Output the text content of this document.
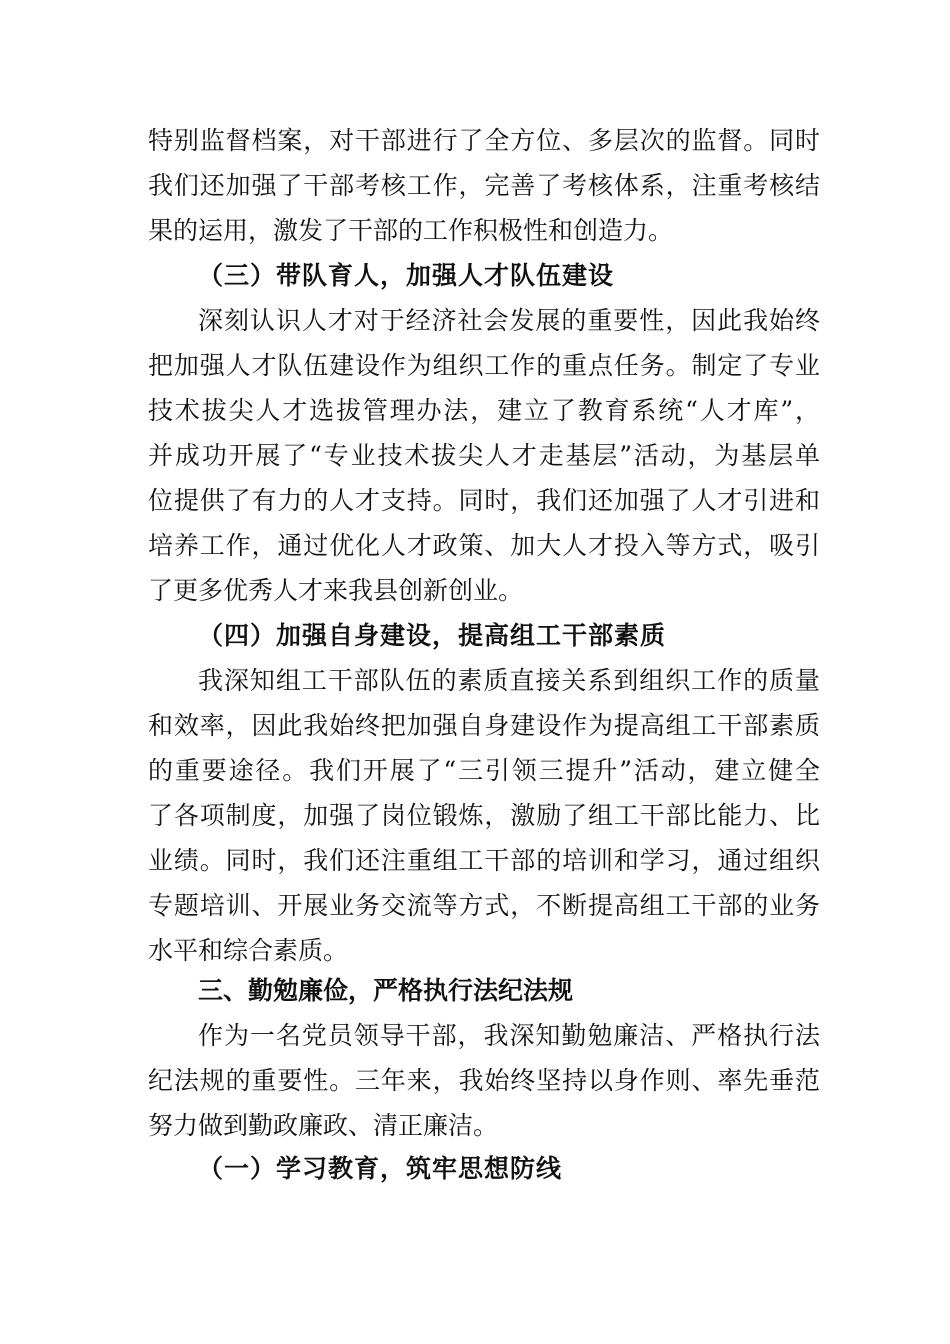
特别监督档案，对干部进行了全方位、多层次的监督。同时

我们还加强了干部考核工作，完善了考核体系，注重考核结

果的运用，激发了干部的工作积极性和创造力。

（三）带队育人，加强人才队伍建设

深刻认识人才对于经济社会发展的重要性，因此我始终

把加强人才队伍建设作为组织工作的重点任务。制定了专业

技术拔尖人才选拔管理办法，建立了教育系统“人才库”，

并成功开展了“专业技术拔尖人才走基层”活动，为基层单

位提供了有力的人才支持。同时，我们还加强了人才引进和

培养工作，通过优化人才政策、加大人才投入等方式，吸引

了更多优秀人才来我县创新创业。

（四）加强自身建设，提高组工干部素质

我深知组工干部队伍的素质直接关系到组织工作的质量

和效率，因此我始终把加强自身建设作为提高组工干部素质

的重要途径。我们开展了“三引领三提升”活动，建立健全

了各项制度，加强了岗位锻炼，激励了组工干部比能力、比

业绩。同时，我们还注重组工干部的培训和学习，通过组织

专题培训、开展业务交流等方式，不断提高组工干部的业务

水平和综合素质。

三、勤勉廉俭，严格执行法纪法规

作为一名党员领导干部，我深知勤勉廉洁、严格执行法

纪法规的重要性。三年来，我始终坚持以身作则、率先垂范

努力做到勤政廉政、清正廉洁。

（一）学习教育，筑牢思想防线
